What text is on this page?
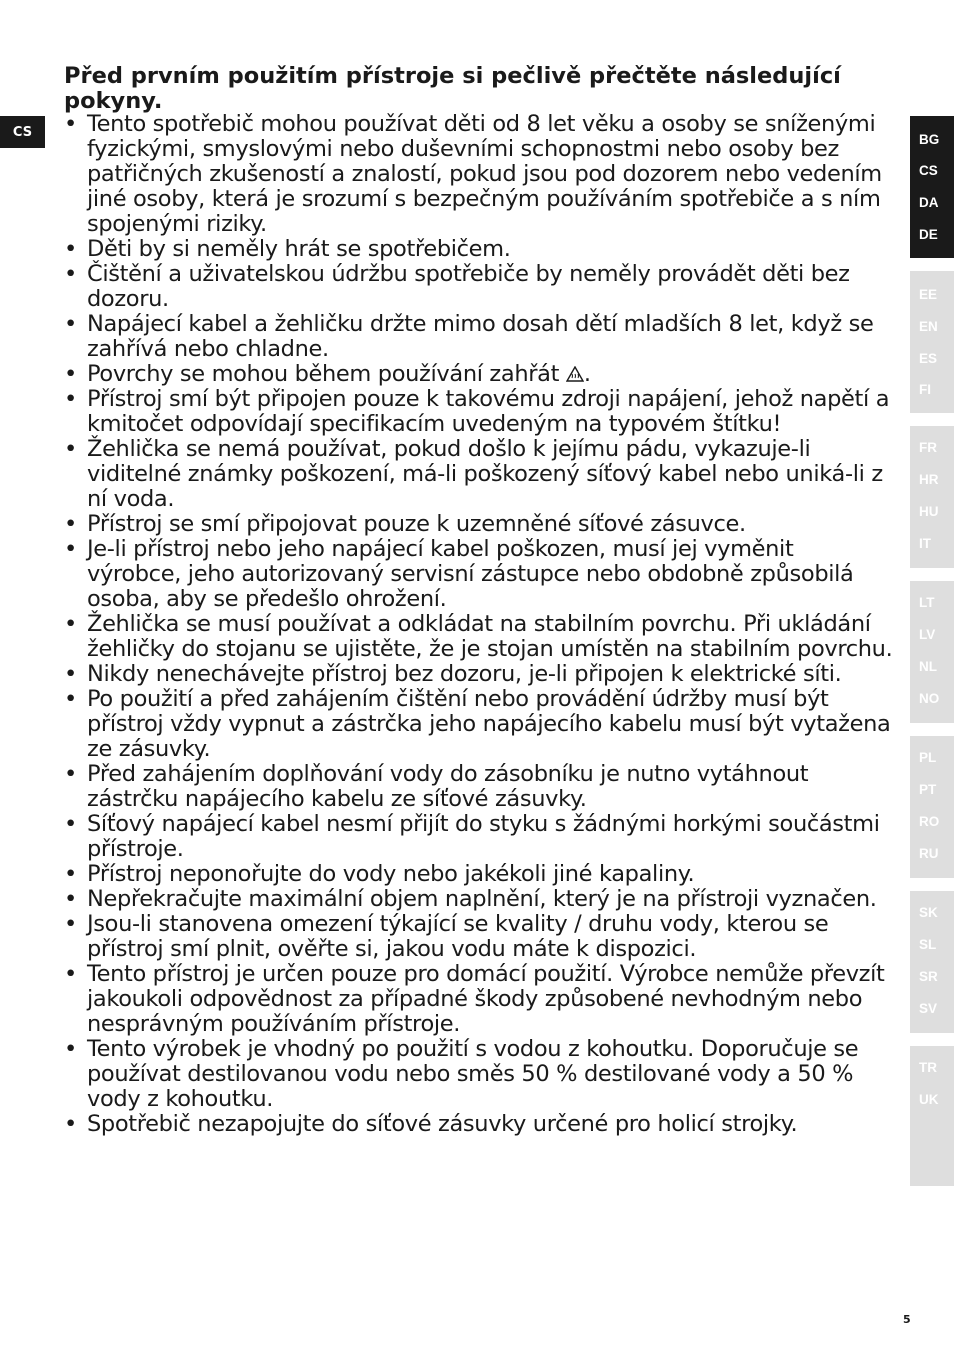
CS
Před prvním použitím přístroje si pečlivě přečtěte následující pokyny.
• Tento spotřebič mohou používat děti od 8 let věku a osoby se sníženými fyzickými, smyslovými nebo duševními schopnostmi nebo osoby bez patřičných zkušeností a znalostí, pokud jsou pod dozorem nebo vedením jiné osoby, která je srozumí s bezpečným používáním spotřebiče a s ním spojenými riziky.
• Děti by si neměly hrát se spotřebičem.
• Čištění a uživatelskou údržbu spotřebiče by neměly provádět děti bez dozoru.
• Napájecí kabel a žehličku držte mimo dosah dětí mladších 8 let, když se zahřívá nebo chladne.
• Povrchy se mohou během používání zahřát .
• Přístroj smí být připojen pouze k takovému zdroji napájení, jehož napětí a kmitočet odpovídají specifikacím uvedeným na typovém štítku!
• Žehlička se nemá používat, pokud došlo k jejímu pádu, vykazuje-li viditelné známky poškození, má-li poškozený síťový kabel nebo uniká-li z ní voda.
• Přístroj se smí připojovat pouze k uzemněné síťové zásuvce.
• Je-li přístroj nebo jeho napájecí kabel poškozen, musí jej vyměnit výrobce, jeho autorizovaný servisní zástupce nebo obdobně způsobilá osoba, aby se předešlo ohrožení.
• Žehlička se musí používat a odkládat na stabilním povrchu. Při ukládání žehličky do stojanu se ujistěte, že je stojan umístěn na stabilním povrchu.
• Nikdy nenechávejte přístroj bez dozoru, je-li připojen k elektrické síti.
• Po použití a před zahájením čištění nebo provádění údržby musí být přístroj vždy vypnut a zástrčka jeho napájecího kabelu musí být vytažena ze zásuvky.
• Před zahájením doplňování vody do zásobníku je nutno vytáhnout zástrčku napájecího kabelu ze síťové zásuvky.
• Síťový napájecí kabel nesmí přijít do styku s žádnými horkými součástmi přístroje.
• Přístroj neponořujte do vody nebo jakékoli jiné kapaliny.
• Nepřekračujte maximální objem naplnění, který je na přístroji vyznačen.
• Jsou-li stanovena omezení týkající se kvality / druhu vody, kterou se přístroj smí plnit, ověřte si, jakou vodu máte k dispozici.
• Tento přístroj je určen pouze pro domácí použití. Výrobce nemůže převzít jakoukoli odpovědnost za případné škody způsobené nevhodným nebo nesprávným používáním přístroje.
• Tento výrobek je vhodný po použití s vodou z kohoutku. Doporučuje se používat destilovanou vodu nebo směs 50 % destilované vody a 50 % vody z kohoutku.
• Spotřebič nezapojujte do síťové zásuvky určené pro holicí strojky.
BG
CS
DA
DE
EE
EN
ES
FI
FR
HR
HU
IT
LT
LV
NL
NO
PL
PT
RO
RU
SK
SL
SR
SV
TR
UK
5
